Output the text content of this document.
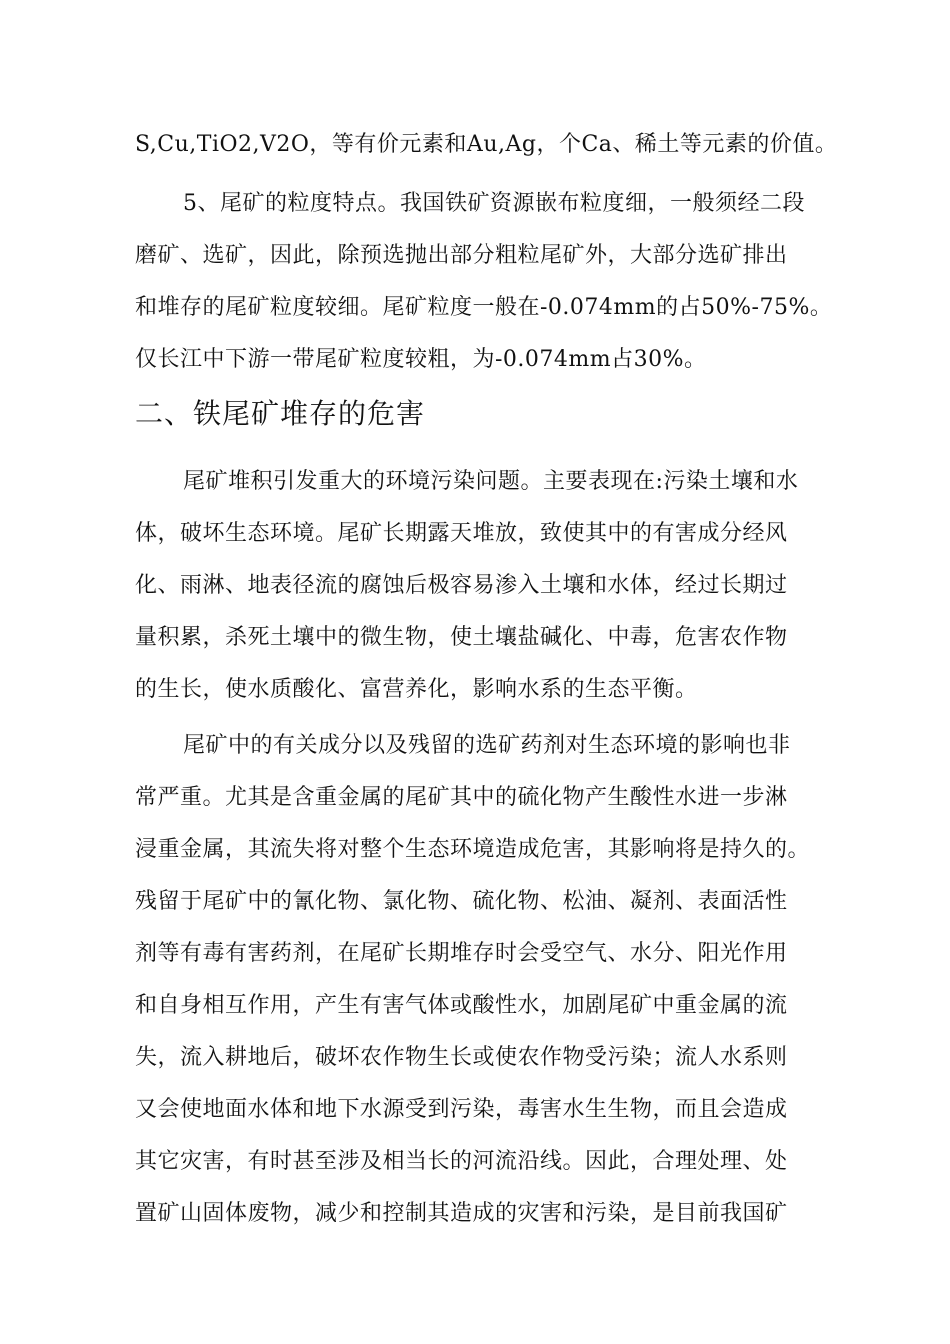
S,Cu,TiO2,V2O，等有价元素和Au,Ag，个Ca、稀土等元素的价值。
5、尾矿的粒度特点。我国铁矿资源嵌布粒度细，一般须经二段
磨矿、选矿，因此，除预选抛出部分粗粒尾矿外，大部分选矿排出
和堆存的尾矿粒度较细。尾矿粒度一般在-0.074mm的占50%-75%。
仅长江中下游一带尾矿粒度较粗，为-0.074mm占30%。
二、铁尾矿堆存的危害
尾矿堆积引发重大的环境污染问题。主要表现在:污染土壤和水
体，破坏生态环境。尾矿长期露天堆放，致使其中的有害成分经风
化、雨淋、地表径流的腐蚀后极容易渗入土壤和水体，经过长期过
量积累，杀死土壤中的微生物，使土壤盐碱化、中毒，危害农作物
的生长，使水质酸化、富营养化，影响水系的生态平衡。
尾矿中的有关成分以及残留的选矿药剂对生态环境的影响也非
常严重。尤其是含重金属的尾矿其中的硫化物产生酸性水进一步淋
浸重金属，其流失将对整个生态环境造成危害，其影响将是持久的。
残留于尾矿中的氰化物、氯化物、硫化物、松油、凝剂、表面活性
剂等有毒有害药剂，在尾矿长期堆存时会受空气、水分、阳光作用
和自身相互作用，产生有害气体或酸性水，加剧尾矿中重金属的流
失，流入耕地后，破坏农作物生长或使农作物受污染；流人水系则
又会使地面水体和地下水源受到污染，毒害水生生物，而且会造成
其它灾害，有时甚至涉及相当长的河流沿线。因此，合理处理、处
置矿山固体废物，减少和控制其造成的灾害和污染，是目前我国矿
